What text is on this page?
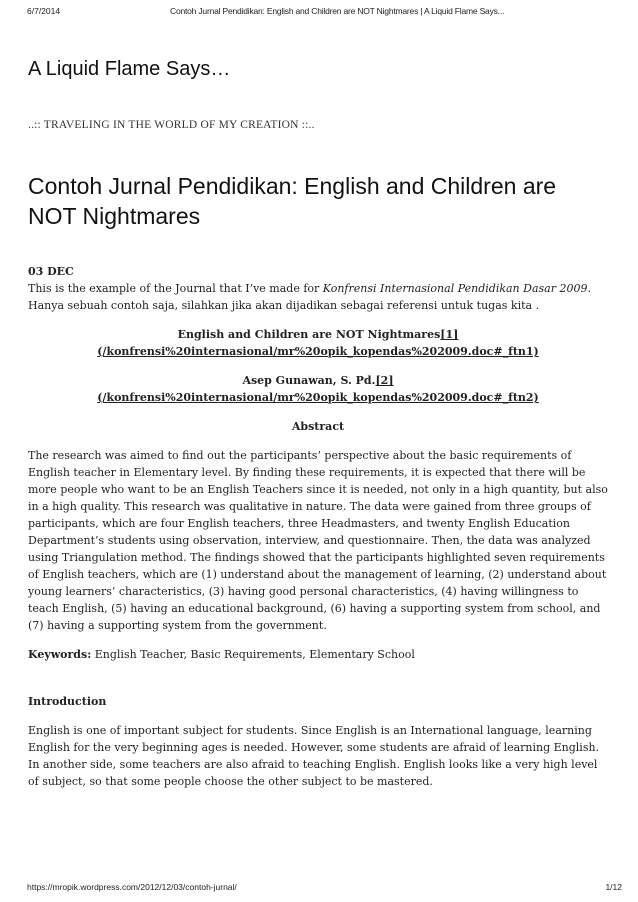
6/7/2014	Contoh Jurnal Pendidikan: English and Children are NOT Nightmares | A Liquid Flame Says...
A Liquid Flame Says…
..:: TRAVELING IN THE WORLD OF MY CREATION ::..
Contoh Jurnal Pendidikan: English and Children are NOT Nightmares

03 DEC

This is the example of the Journal that I’ve made for Konfrensi Internasional Pendidikan Dasar 2009. Hanya sebuah contoh saja, silahkan jika akan dijadikan sebagai referensi untuk tugas kita .

English and Children are NOT Nightmares[1]
(/konfrensi%20internasional/mr%20opik_kopendas%202009.doc#_ftn1)

Asep Gunawan, S. Pd.[2]
(/konfrensi%20internasional/mr%20opik_kopendas%202009.doc#_ftn2)

Abstract

The research was aimed to find out the participants’ perspective about the basic requirements of English teacher in Elementary level. By finding these requirements, it is expected that there will be more people who want to be an English Teachers since it is needed, not only in a high quantity, but also in a high quality. This research was qualitative in nature. The data were gained from three groups of participants, which are four English teachers, three Headmasters, and twenty English Education Department’s students using observation, interview, and questionnaire. Then, the data was analyzed using Triangulation method. The findings showed that the participants highlighted seven requirements of English teachers, which are (1) understand about the management of learning, (2) understand about young learners’ characteristics, (3) having good personal characteristics, (4) having willingness to teach English, (5) having an educational background, (6) having a supporting system from school, and (7) having a supporting system from the government.

Keywords: English Teacher, Basic Requirements, Elementary School

Introduction

English is one of important subject for students. Since English is an International language, learning English for the very beginning ages is needed. However, some students are afraid of learning English. In another side, some teachers are also afraid to teaching English. English looks like a very high level of subject, so that some people choose the other subject to be mastered.

https://mropik.wordpress.com/2012/12/03/contoh-jurnal/	1/12
